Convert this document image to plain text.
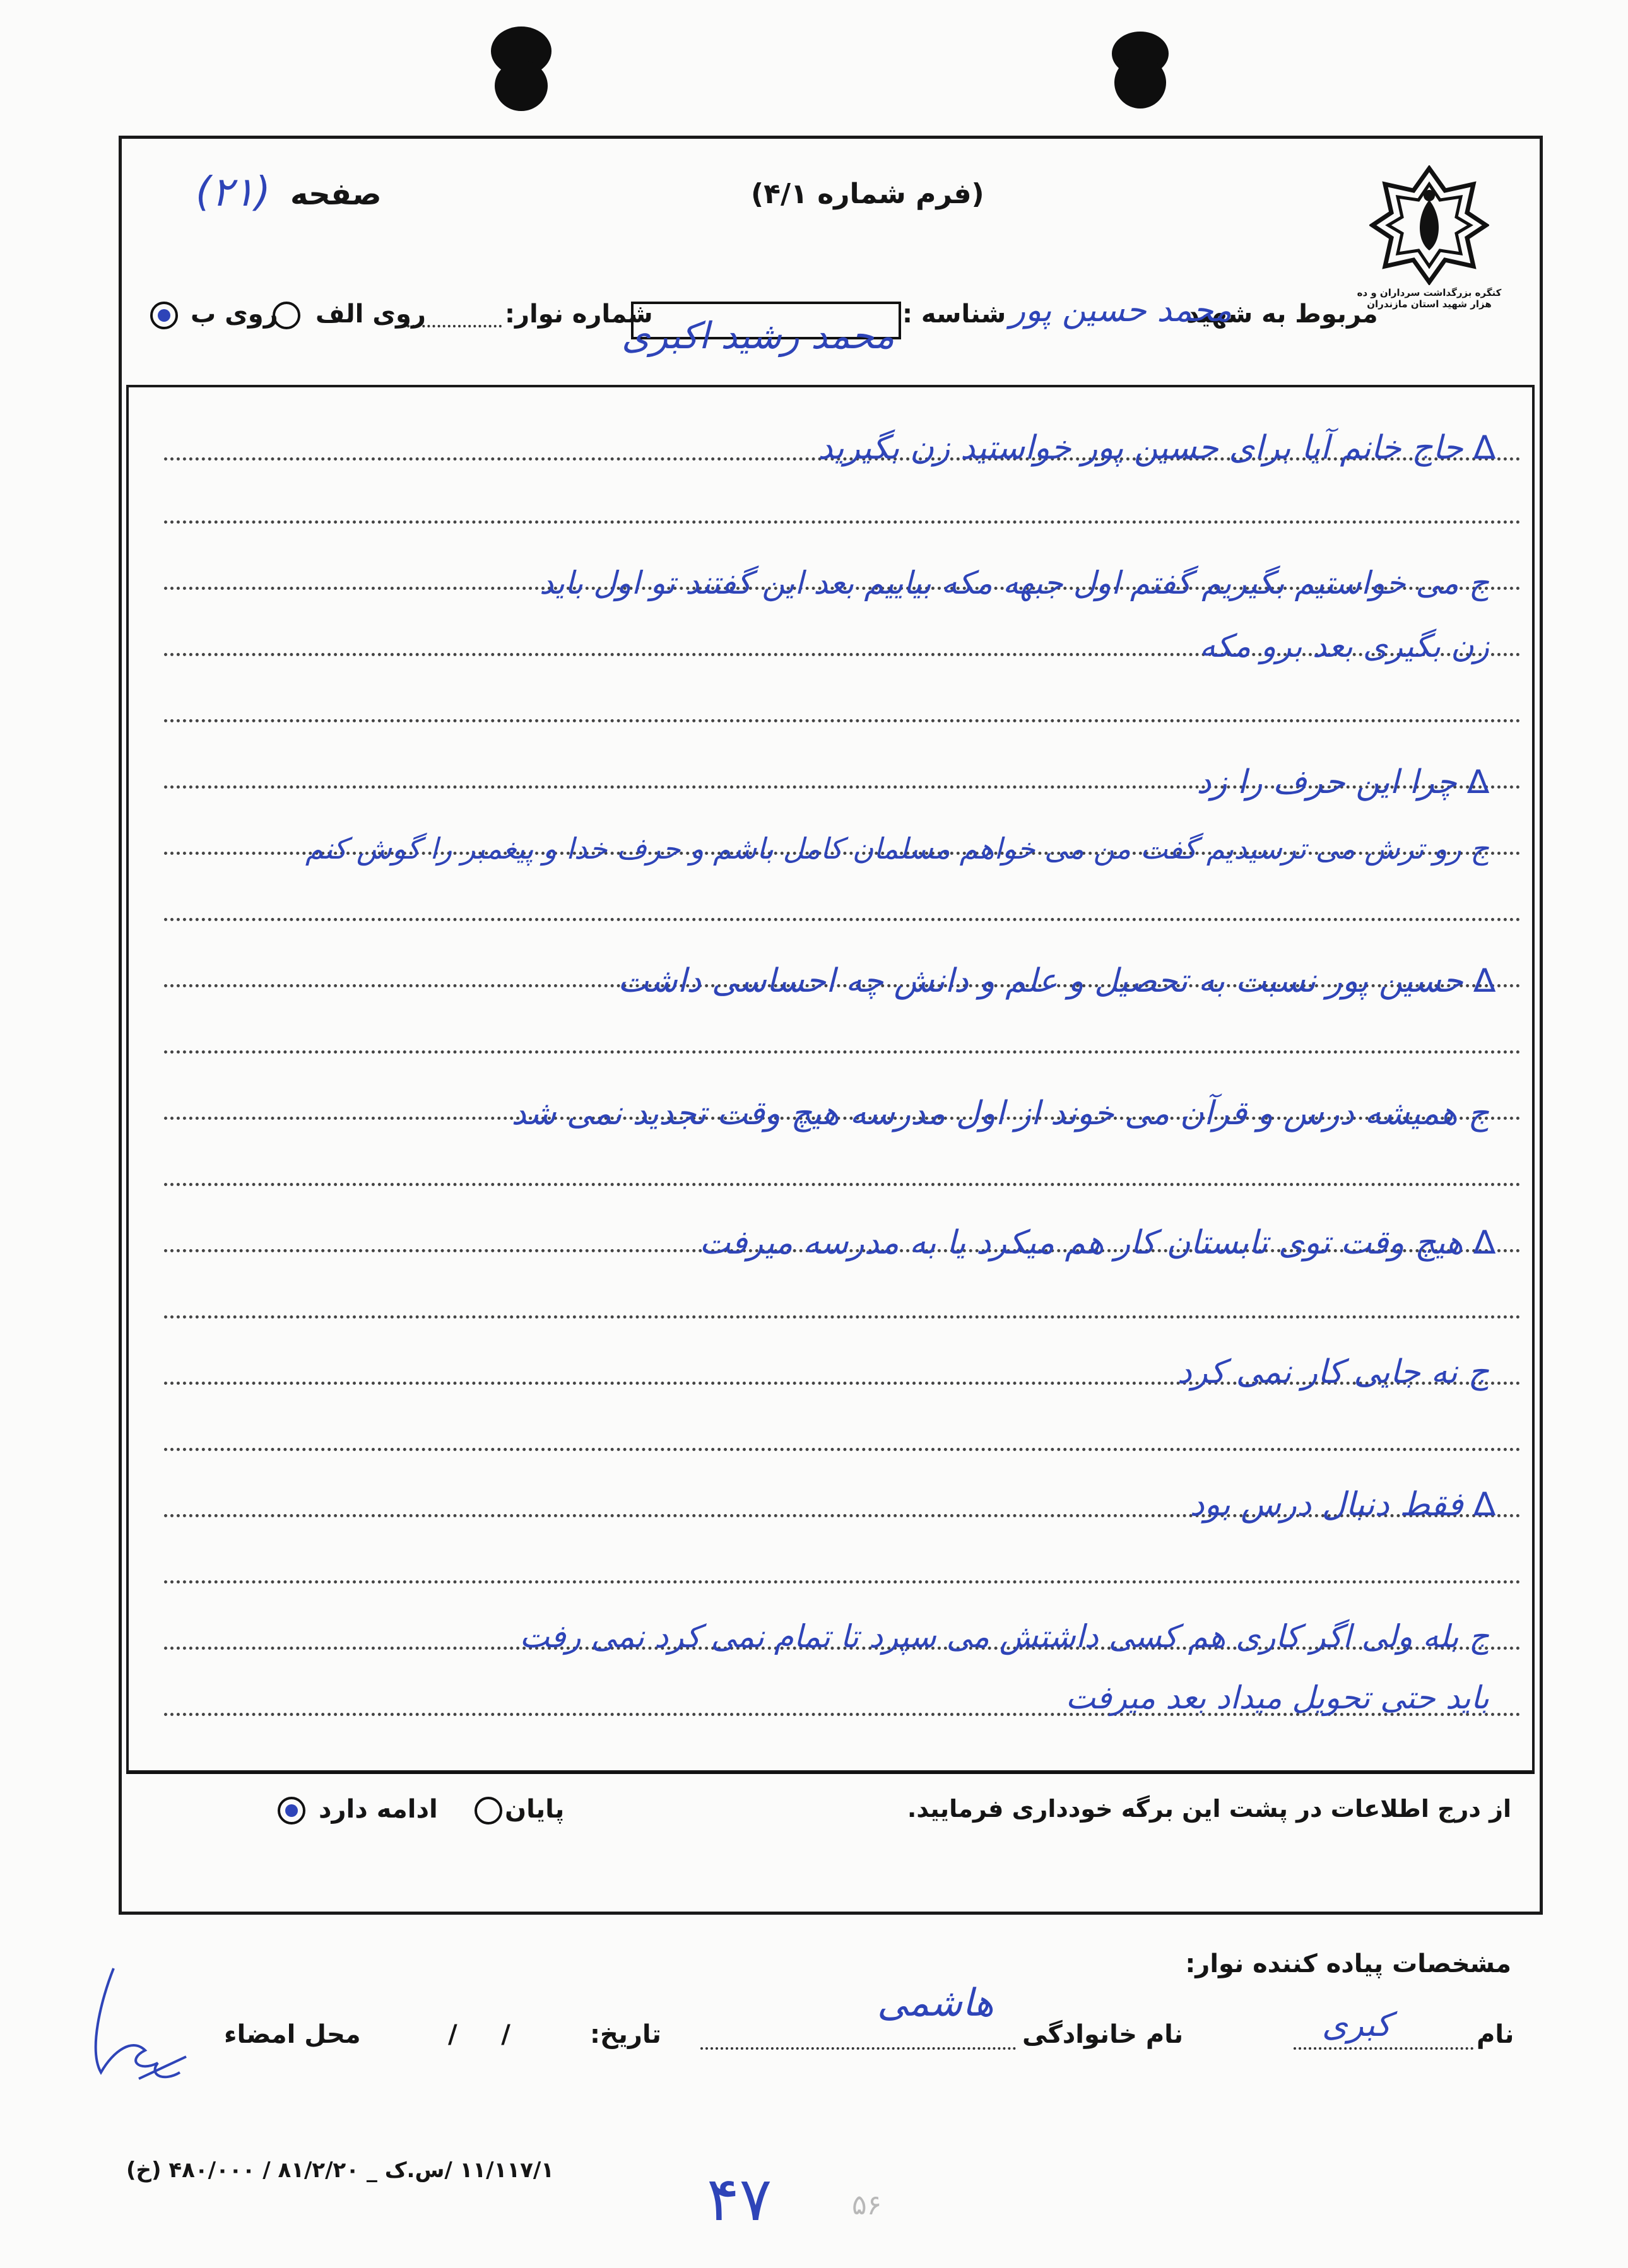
کنگره بزرگداشت سرداران و ده هزار شهید استان مازندران
صفحه
(۲۱)	(فرم شماره ۴/۱)
مربوط به شهید
محمد حسین پور
شناسه :
محمد رشید اکبری
شماره نوار:
روی الف
روی ب
∆ حاج خانم آیا برای حسین پور خواستید زن بگیرید
ج می خواستیم بگیریم گفتم اول جبهه مکه بیاییم بعد این گفتند تو اول باید
زن بگیری بعد برو مکه
∆ چرا این حرف را زد
ج رو ترش می ترسیدیم گفت من می خواهم مسلمان کامل باشم و حرف خدا و پیغمبر را گوش کنم
∆ حسین پور نسبت به تحصیل و علم و دانش چه احساسی داشت
ج همیشه درس و قرآن می خوند از اول مدرسه هیچ وقت تجدید نمی شد
∆ هیچ وقت توی تابستان کار هم میکرد یا به مدرسه میرفت
ج نه جایی کار نمی کرد
∆ فقط دنبال درس بود
ج بله ولی اگر کاری هم کسی داشتش می سپرد تا تمام نمی کرد نمی رفت
باید حتی تحویل میداد بعد میرفت
از درج اطلاعات در پشت این برگه خودداری فرمایید.
پایان
ادامه دارد
مشخصات پیاده کننده نوار:
نام
کبری
نام خانوادگی
هاشمی
تاریخ:
/     /
محل امضاء
۱۱/۱۱۷/۱ /س.ک _ ۸۱/۲/۲۰ / ۴۸۰/۰۰۰ (خ)	۴۷	۵۶
